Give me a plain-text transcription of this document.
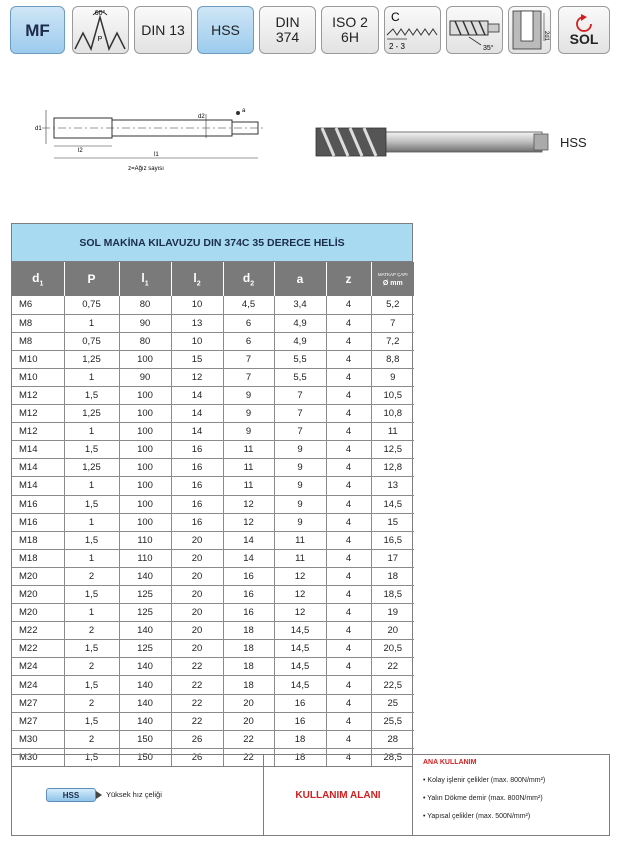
MF
60°
P
DIN 13 HSS	DIN
374
ISO 2
6H
C
2 - 3	35°
2d1 SOL
d1
d2
l2
l1
a
z=Ağız sayısı
HSS
SOL MAKİNA KILAVUZU DIN 374C 35 DERECE HELİS
$d_1$	P	$l_1$	$l_2$	$d_2$	a	z	MATKAP ÇAPI
Ø mm

M6	0,75	80	10	4,5	3,4	4	5,2
M8	1	90	13	6	4,9	4	7
M8	0,75	80	10	6	4,9	4	7,2
M10	1,25	100	15	7	5,5	4	8,8
M10	1	90	12	7	5,5	4	9
M12	1,5	100	14	9	7	4	10,5
M12	1,25	100	14	9	7	4	10,8
M12	1	100	14	9	7	4	11
M14	1,5	100	16	11	9	4	12,5
M14	1,25	100	16	11	9	4	12,8
M14	1	100	16	11	9	4	13
M16	1,5	100	16	12	9	4	14,5
M16	1	100	16	12	9	4	15
M18	1,5	110	20	14	11	4	16,5
M18	1	110	20	14	11	4	17
M20	2	140	20	16	12	4	18
M20	1,5	125	20	16	12	4	18,5
M20	1	125	20	16	12	4	19
M22	2	140	20	18	14,5	4	20
M22	1,5	125	20	18	14,5	4	20,5
M24	2	140	22	18	14,5	4	22
M24	1,5	140	22	18	14,5	4	22,5
M27	2	140	22	20	16	4	25
M27	1,5	140	22	20	16	4	25,5
M30	2	150	26	22	18	4	28
M30	1,5	150	26	22	18	4	28,5
HSS	Yüksek hız çeliği	KULLANIM ALANI
ANA KULLANIM
• Kolay işlenir çelikler (max. 800N/mm²)
• Yalın Dökme demir (max. 800N/mm²)
• Yapısal çelikler (max. 500N/mm²)
